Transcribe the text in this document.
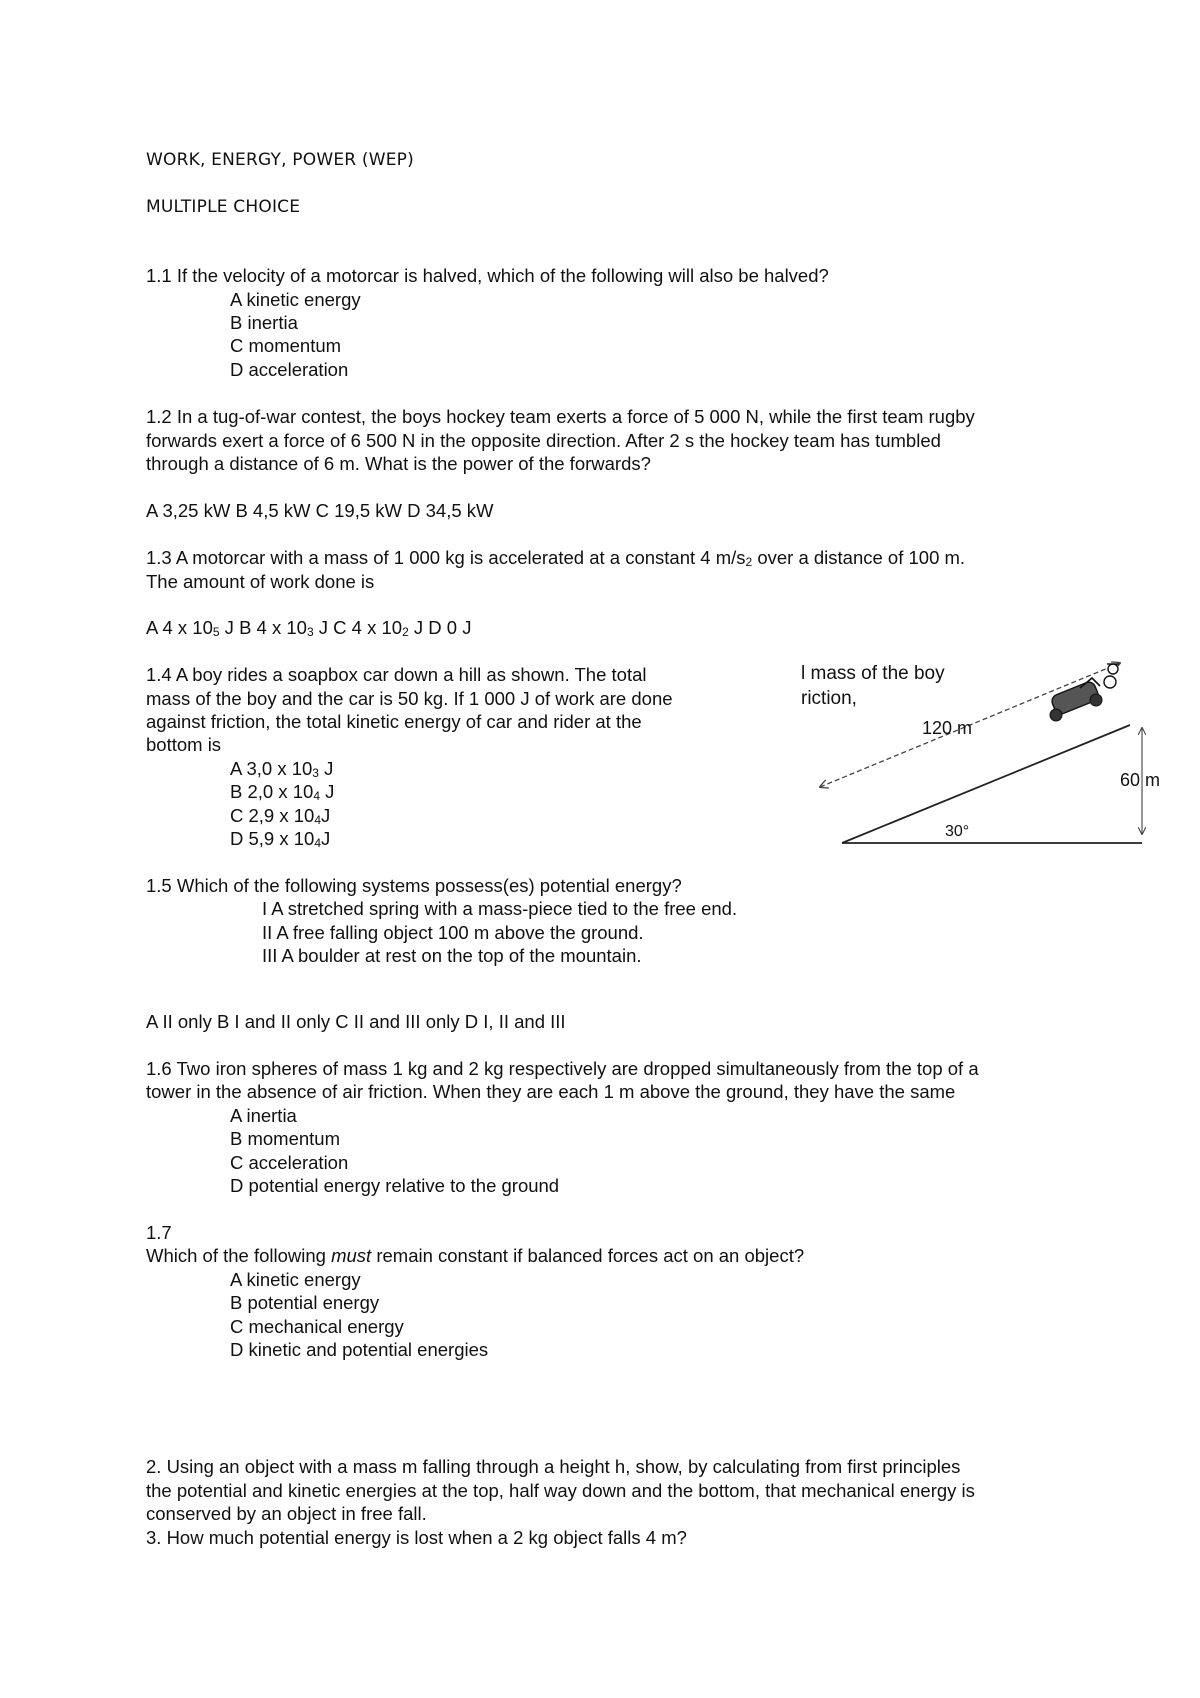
WORK, ENERGY, POWER (WEP)
MULTIPLE CHOICE
1.1 If the velocity of a motorcar is halved, which of the following will also be halved?
A kinetic energy
B inertia
C momentum
D acceleration
1.2 In a tug-of-war contest, the boys hockey team exerts a force of 5 000 N, while the first team rugby
forwards exert a force of 6 500 N in the opposite direction. After 2 s the hockey team has tumbled
through a distance of 6 m. What is the power of the forwards?
A 3,25 kW B 4,5 kW C 19,5 kW D 34,5 kW
1.3 A motorcar with a mass of 1 000 kg is accelerated at a constant 4 $m/s_2$ over a distance of 100 m.
The amount of work done is
A 4 x $10_5$ J B 4 x $10_3$ J C 4 x $10_2$ J D 0 J
1.4 A boy rides a soapbox car down a hill as shown. The total
mass of the boy and the car is 50 kg. If 1 000 J of work are done
against friction, the total kinetic energy of car and rider at the
bottom is
A 3,0 x $10_3$ J
B 2,0 x $10_4$ J
C 2,9 x $10_4J$
D 5,9 x $10_4J$
l mass of the boy
riction,
120 m
60 m
30°
1.5 Which of the following systems possess(es) potential energy?
I A stretched spring with a mass-piece tied to the free end.
II A free falling object 100 m above the ground.
III A boulder at rest on the top of the mountain.
A II only B I and II only C II and III only D I, II and III
1.6 Two iron spheres of mass 1 kg and 2 kg respectively are dropped simultaneously from the top of a
tower in the absence of air friction. When they are each 1 m above the ground, they have the same
A inertia
B momentum
C acceleration
D potential energy relative to the ground
1.7
Which of the following must remain constant if balanced forces act on an object?
A kinetic energy
B potential energy
C mechanical energy
D kinetic and potential energies
2. Using an object with a mass m falling through a height h, show, by calculating from first principles
the potential and kinetic energies at the top, half way down and the bottom, that mechanical energy is
conserved by an object in free fall.
3. How much potential energy is lost when a 2 kg object falls 4 m?
